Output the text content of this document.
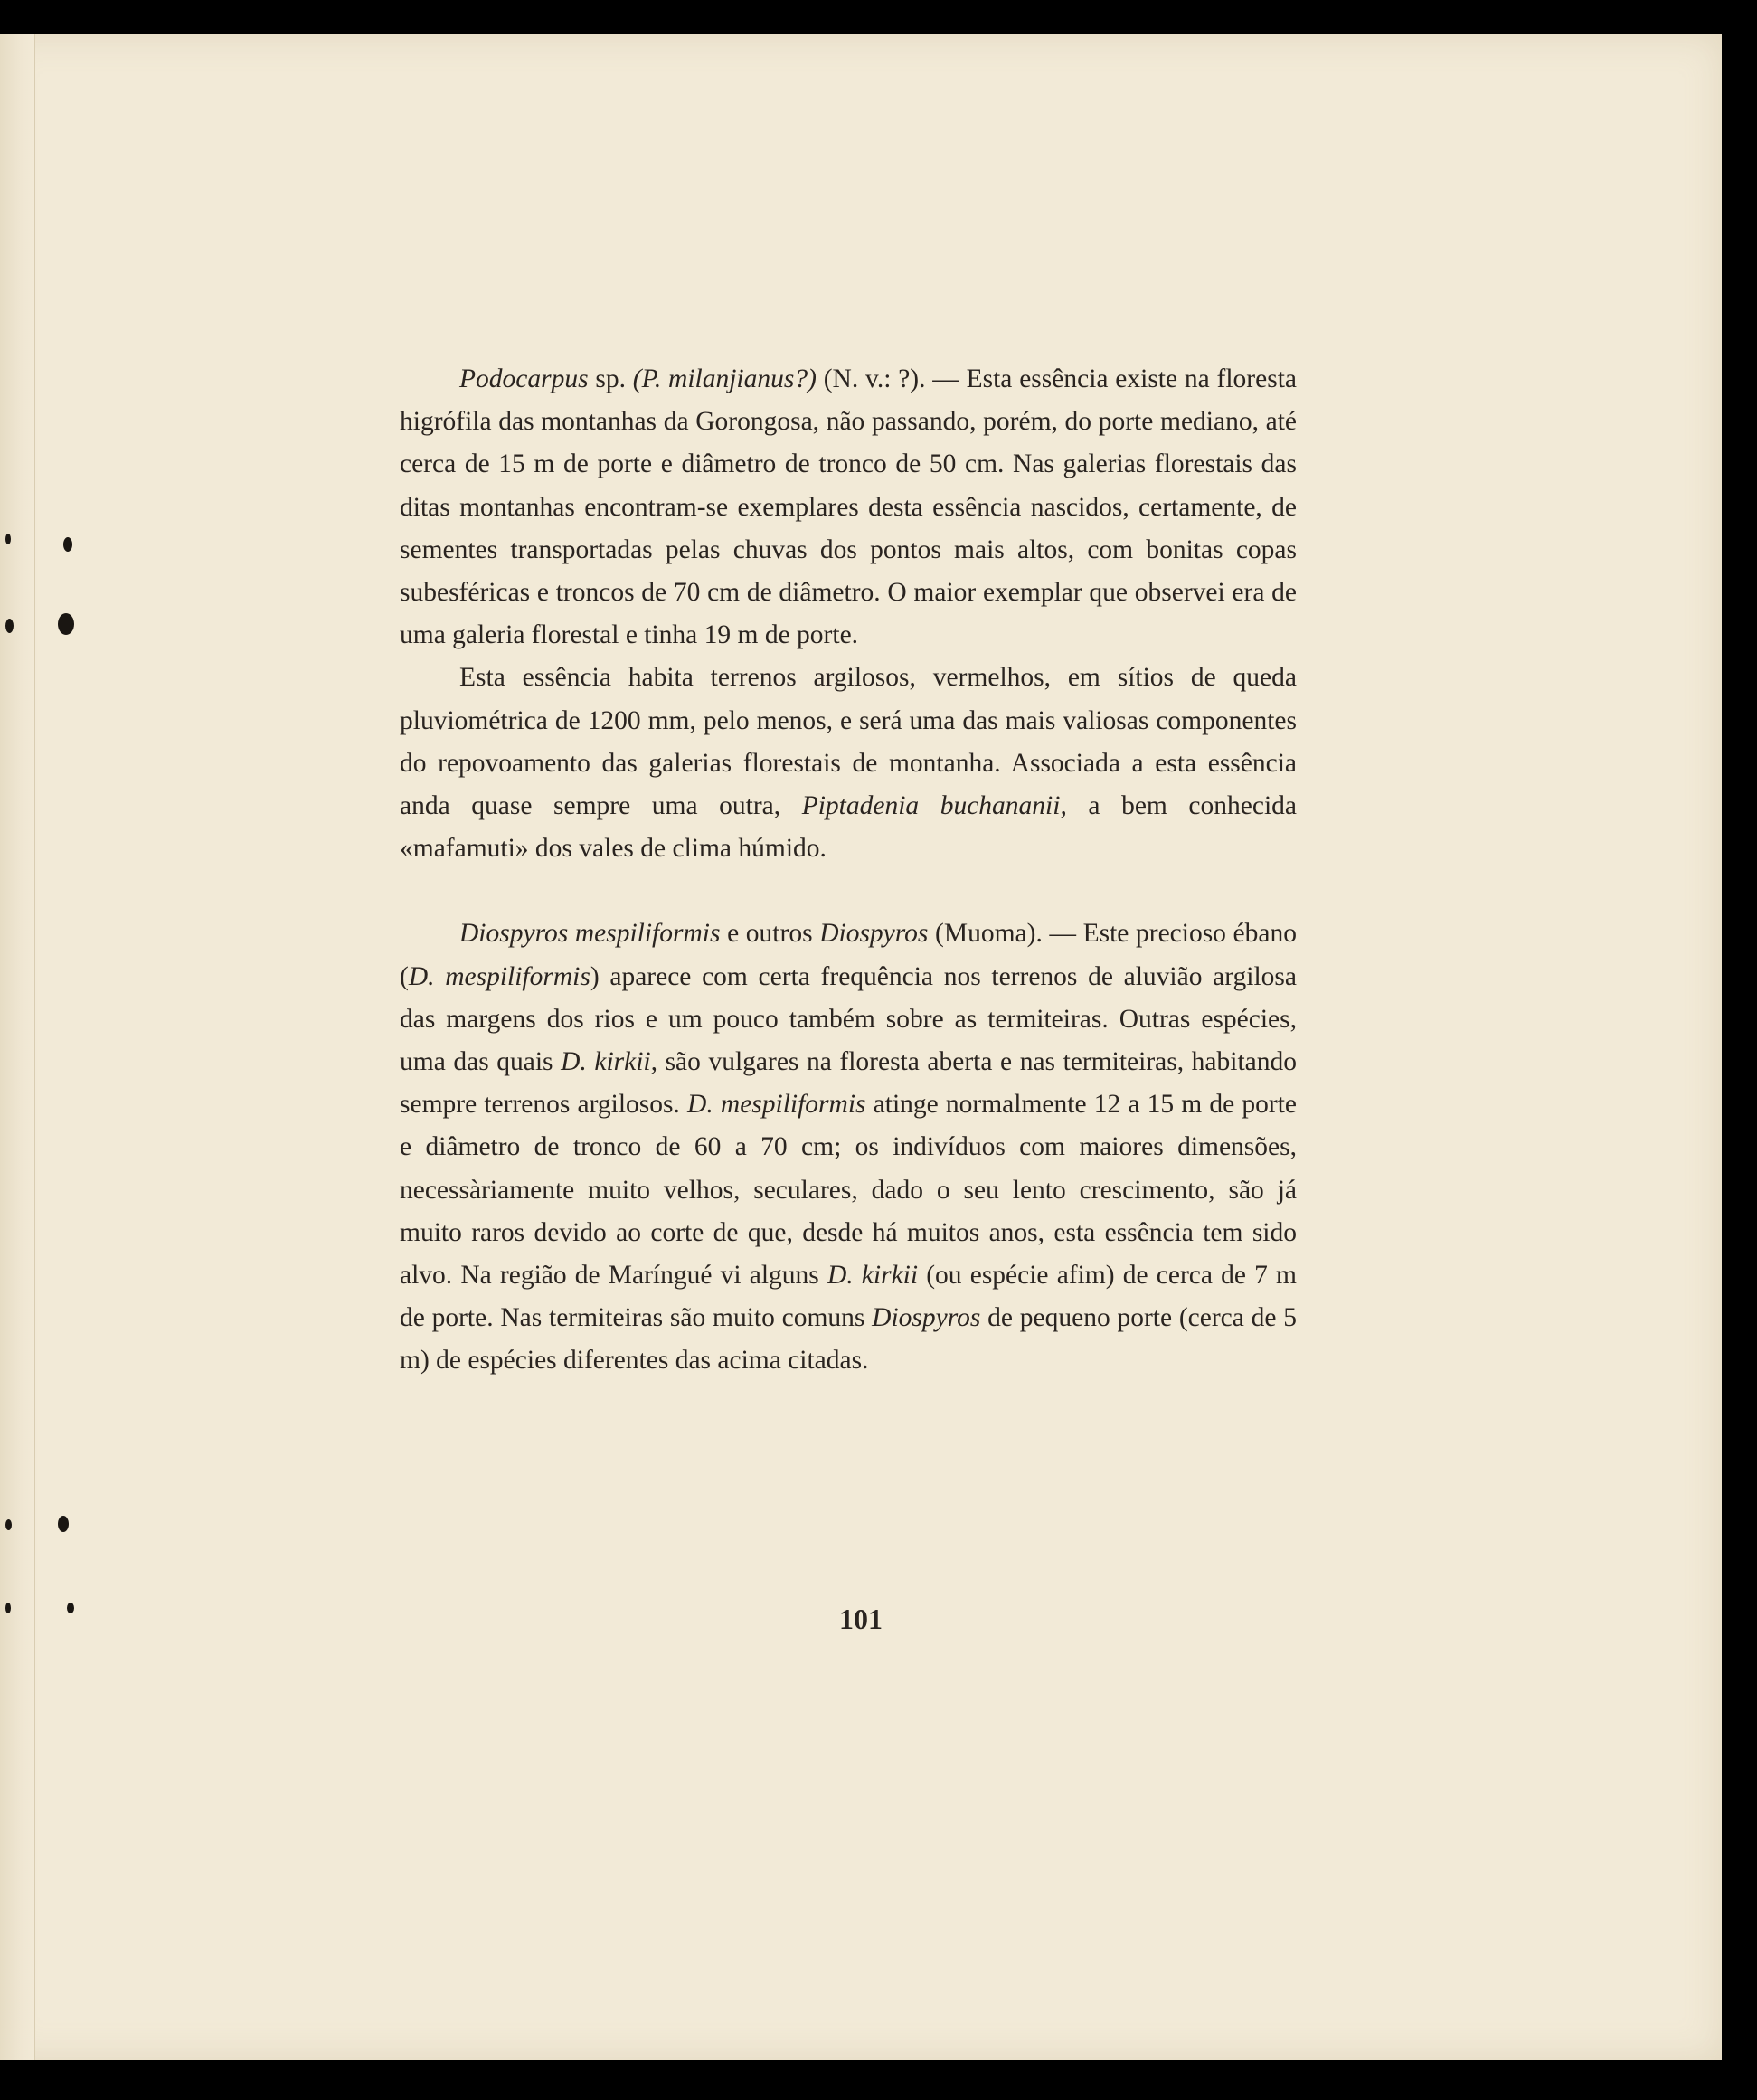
Podocarpus sp. (P. milanjianus?) (N. v.: ?). — Esta essência existe na floresta higrófila das montanhas da Gorongosa, não passando, porém, do porte mediano, até cerca de 15 m de porte e diâmetro de tronco de 50 cm. Nas galerias florestais das ditas montanhas encontram-se exemplares desta essência nascidos, certamente, de sementes transportadas pelas chuvas dos pontos mais altos, com bonitas copas subesféricas e troncos de 70 cm de diâmetro. O maior exemplar que observei era de uma galeria florestal e tinha 19 m de porte.

Esta essência habita terrenos argilosos, vermelhos, em sítios de queda pluviométrica de 1200 mm, pelo menos, e será uma das mais valiosas componentes do repovoamento das galerias florestais de montanha. Associada a esta essência anda quase sempre uma outra, Piptadenia buchananii, a bem conhecida «mafamuti» dos vales de clima húmido.

Diospyros mespiliformis e outros Diospyros (Muoma). — Este precioso ébano (D. mespiliformis) aparece com certa frequência nos terrenos de aluvião argilosa das margens dos rios e um pouco também sobre as termiteiras. Outras espécies, uma das quais D. kirkii, são vulgares na floresta aberta e nas termiteiras, habitando sempre terrenos argilosos. D. mespiliformis atinge normalmente 12 a 15 m de porte e diâmetro de tronco de 60 a 70 cm; os indivíduos com maiores dimensões, necessàriamente muito velhos, seculares, dado o seu lento crescimento, são já muito raros devido ao corte de que, desde há muitos anos, esta essência tem sido alvo. Na região de Maríngué vi alguns D. kirkii (ou espécie afim) de cerca de 7 m de porte. Nas termiteiras são muito comuns Diospyros de pequeno porte (cerca de 5 m) de espécies diferentes das acima citadas.

101
